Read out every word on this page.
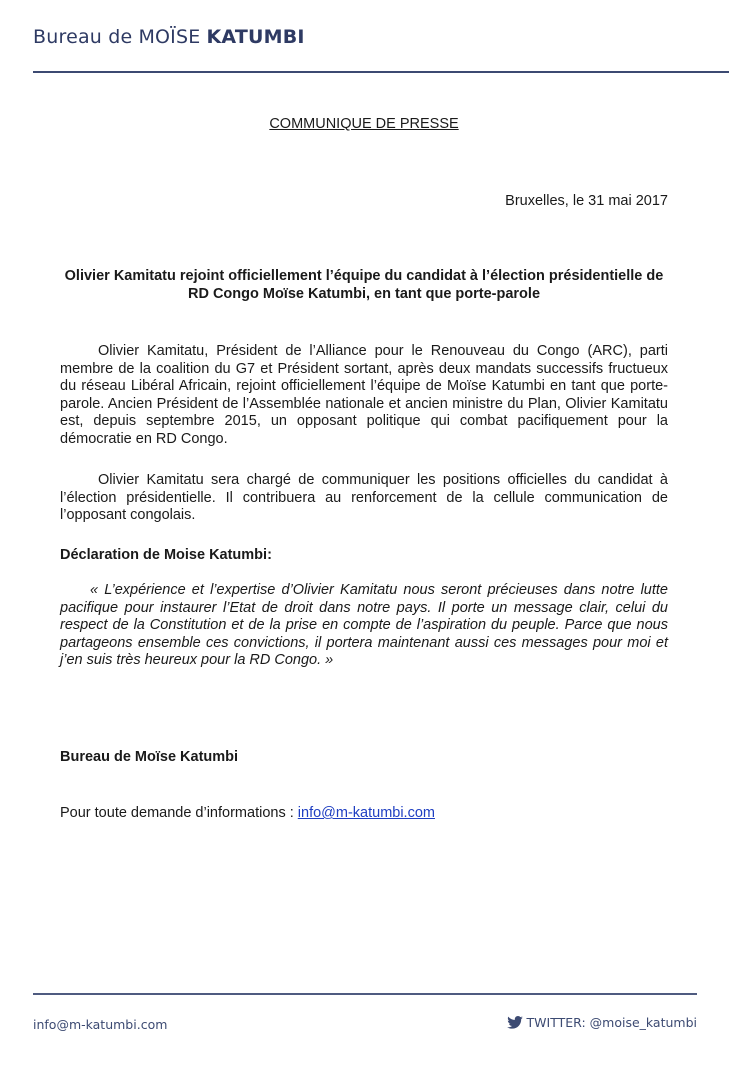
Bureau de MOÏSE KATUMBI
COMMUNIQUE DE PRESSE
Bruxelles, le 31 mai 2017
Olivier Kamitatu rejoint officiellement l’équipe du candidat à l’élection présidentielle de RD Congo Moïse Katumbi, en tant que porte-parole

Olivier Kamitatu, Président de l’Alliance pour le Renouveau du Congo (ARC), parti membre de la coalition du G7 et Président sortant, après deux mandats successifs fructueux du réseau Libéral Africain, rejoint officiellement l’équipe de Moïse Katumbi en tant que porte-parole. Ancien Président de l’Assemblée nationale et ancien ministre du Plan, Olivier Kamitatu est, depuis septembre 2015, un opposant politique qui combat pacifiquement pour la démocratie en RD Congo.

Olivier Kamitatu sera chargé de communiquer les positions officielles du candidat à l’élection présidentielle. Il contribuera au renforcement de la cellule communication de l’opposant congolais.

Déclaration de Moise Katumbi:

« L’expérience et l’expertise d’Olivier Kamitatu nous seront précieuses dans notre lutte pacifique pour instaurer l’Etat de droit dans notre pays. Il porte un message clair, celui du respect de la Constitution et de la prise en compte de l’aspiration du peuple. Parce que nous partageons ensemble ces convictions, il portera maintenant aussi ces messages pour moi et j’en suis très heureux pour la RD Congo. »

Bureau de Moïse Katumbi
Pour toute demande d’informations : info@m-katumbi.com
info@m-katumbi.com	TWITTER: @moise_katumbi
